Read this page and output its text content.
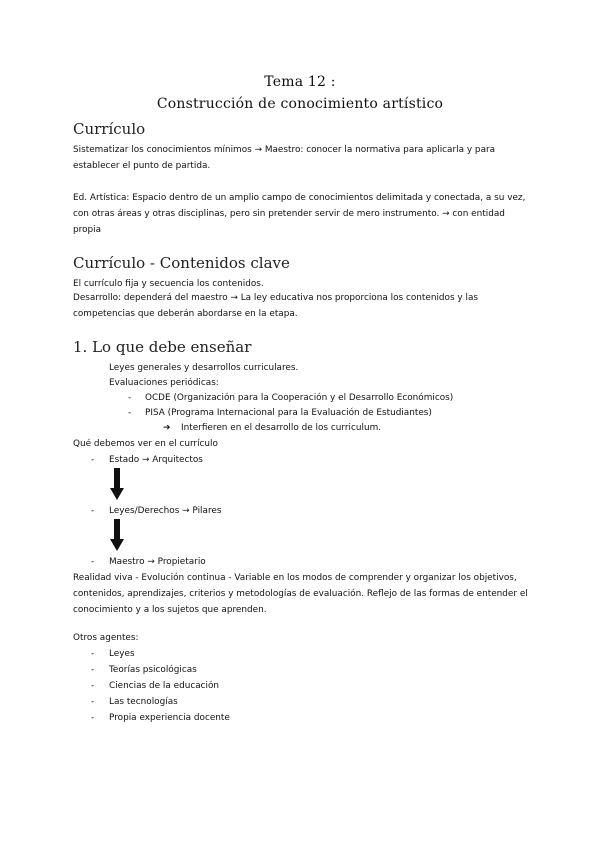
Tema 12 :
Construcción de conocimiento artístico
Currículo
Sistematizar los conocimientos mínimos → Maestro: conocer la normativa para aplicarla y para establecer el punto de partida.
Ed. Artística: Espacio dentro de un amplio campo de conocimientos delimitada y conectada, a su vez, con otras áreas y otras disciplinas, pero sin pretender servir de mero instrumento. → con entidad propia
Currículo - Contenidos clave
El currículo fija y secuencia los contenidos.
Desarrollo: dependerá del maestro → La ley educativa nos proporciona los contenidos y las competencias que deberán abordarse en la etapa.
1. Lo que debe enseñar
Leyes generales y desarrollos curriculares.
Evaluaciones periódicas:
- OCDE (Organización para la Cooperación y el Desarrollo Económicos)
- PISA (Programa Internacional para la Evaluación de Estudiantes)
➔ Interfieren en el desarrollo de los curriculum.
Qué debemos ver en el currículo
- Estado → Arquitectos
- Leyes/Derechos → Pilares
- Maestro → Propietario
Realidad viva - Evolución continua - Variable en los modos de comprender y organizar los objetivos, contenidos, aprendizajes, criterios y metodologías de evaluación. Reflejo de las formas de entender el conocimiento y a los sujetos que aprenden.
Otros agentes:
- Leyes
- Teorías psicológicas
- Ciencias de la educación
- Las tecnologías
- Propia experiencia docente
